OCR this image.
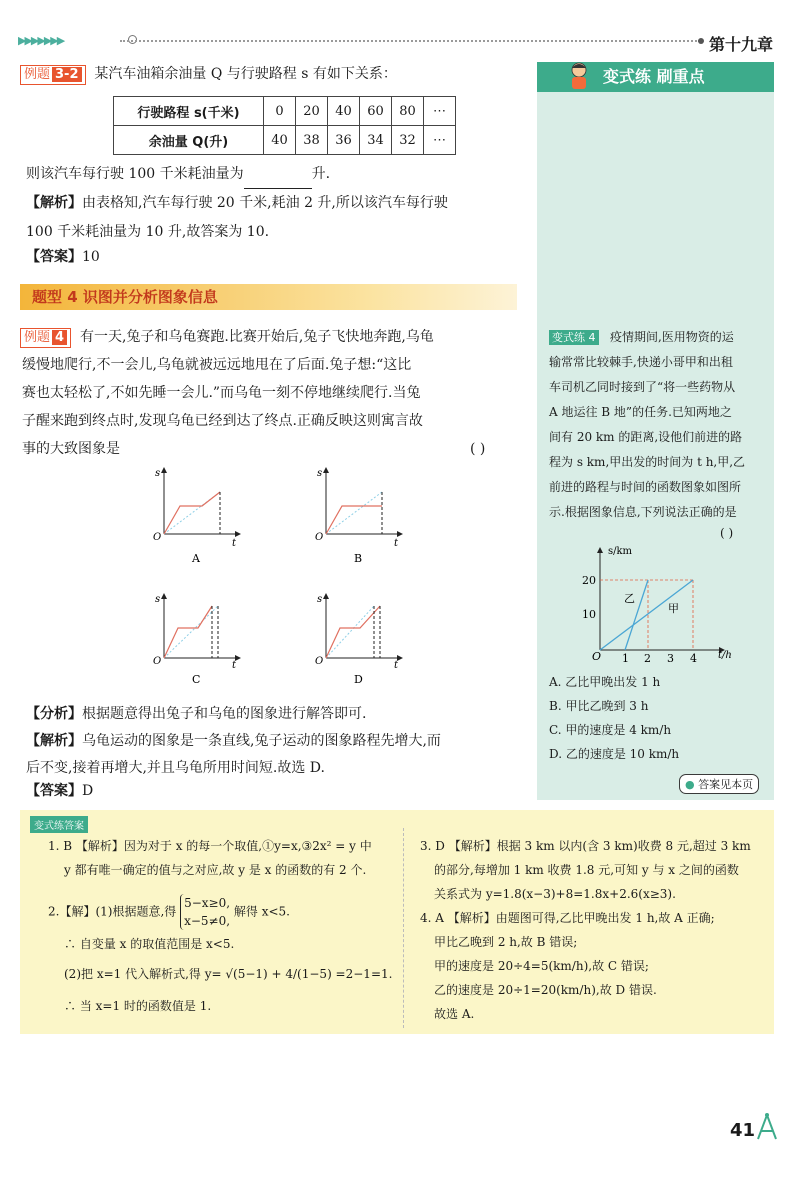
▶▶▶▶▶▶▶	第十九章
例题 3-2 某汽车油箱余油量 Q 与行驶路程 s 有如下关系：
行驶路程 s(千米)	0	20	40	60	80	⋯
余油量 Q(升)	40	38	36	34	32	⋯
则该汽车每行驶 100 千米耗油量为	升.
【解析】由表格知,汽车每行驶 20 千米,耗油 2 升,所以该汽车每行驶
100 千米耗油量为 10 升,故答案为 10.
【答案】10
题型 4 识图并分析图象信息
例题 4 有一天,兔子和乌龟赛跑.比赛开始后,兔子飞快地奔跑,乌龟
缓慢地爬行,不一会儿,乌龟就被远远地甩在了后面.兔子想:“这比
赛也太轻松了,不如先睡一会儿.”而乌龟一刻不停地继续爬行.当兔
子醒来跑到终点时,发现乌龟已经到达了终点.正确反映这则寓言故
事的大致图象是	( )
s
t
O
A
s
t
O
B
s
t
O
C
s
t
O
D
【分析】根据题意得出兔子和乌龟的图象进行解答即可.
【解析】乌龟运动的图象是一条直线,兔子运动的图象路程先增大,而
后不变,接着再增大,并且乌龟所用时间短.故选 D.
【答案】D
变式练 刷重点
变式练 4 疫情期间,医用物资的运
输常常比较棘手,快递小哥甲和出租
车司机乙同时接到了“将一些药物从
A 地运往 B 地”的任务.已知两地之
间有 20 km 的距离,设他们前进的路
程为 s km,甲出发的时间为 t h,甲,乙
前进的路程与时间的函数图象如图所
示.根据图象信息,下列说法正确的是
( )
s/km
t/h
O
10
20
1 2 3 4
乙
甲
A. 乙比甲晚出发 1 h
B. 甲比乙晚到 3 h
C. 甲的速度是 4 km/h
D. 乙的速度是 10 km/h
● 答案见本页
变式练答案
1. B 【解析】因为对于 x 的每一个取值,①y=x,③2x² = y 中
y 都有唯一确定的值与之对应,故 y 是 x 的函数的有 2 个.
2.【解】(1)根据题意,得
5−x≥0,
x−5≠0,
解得 x<5.
∴ 自变量 x 的取值范围是 x<5.
(2)把 x=1 代入解析式,得 y= √(5−1) + 4/(1−5) =2−1=1.
∴ 当 x=1 时的函数值是 1.
3. D 【解析】根据 3 km 以内(含 3 km)收费 8 元,超过 3 km
的部分,每增加 1 km 收费 1.8 元,可知 y 与 x 之间的函数
关系式为 y=1.8(x−3)+8=1.8x+2.6(x≥3).
4. A 【解析】由题图可得,乙比甲晚出发 1 h,故 A 正确;
甲比乙晚到 2 h,故 B 错误;
甲的速度是 20÷4=5(km/h),故 C 错误;
乙的速度是 20÷1=20(km/h),故 D 错误.
故选 A.
41
